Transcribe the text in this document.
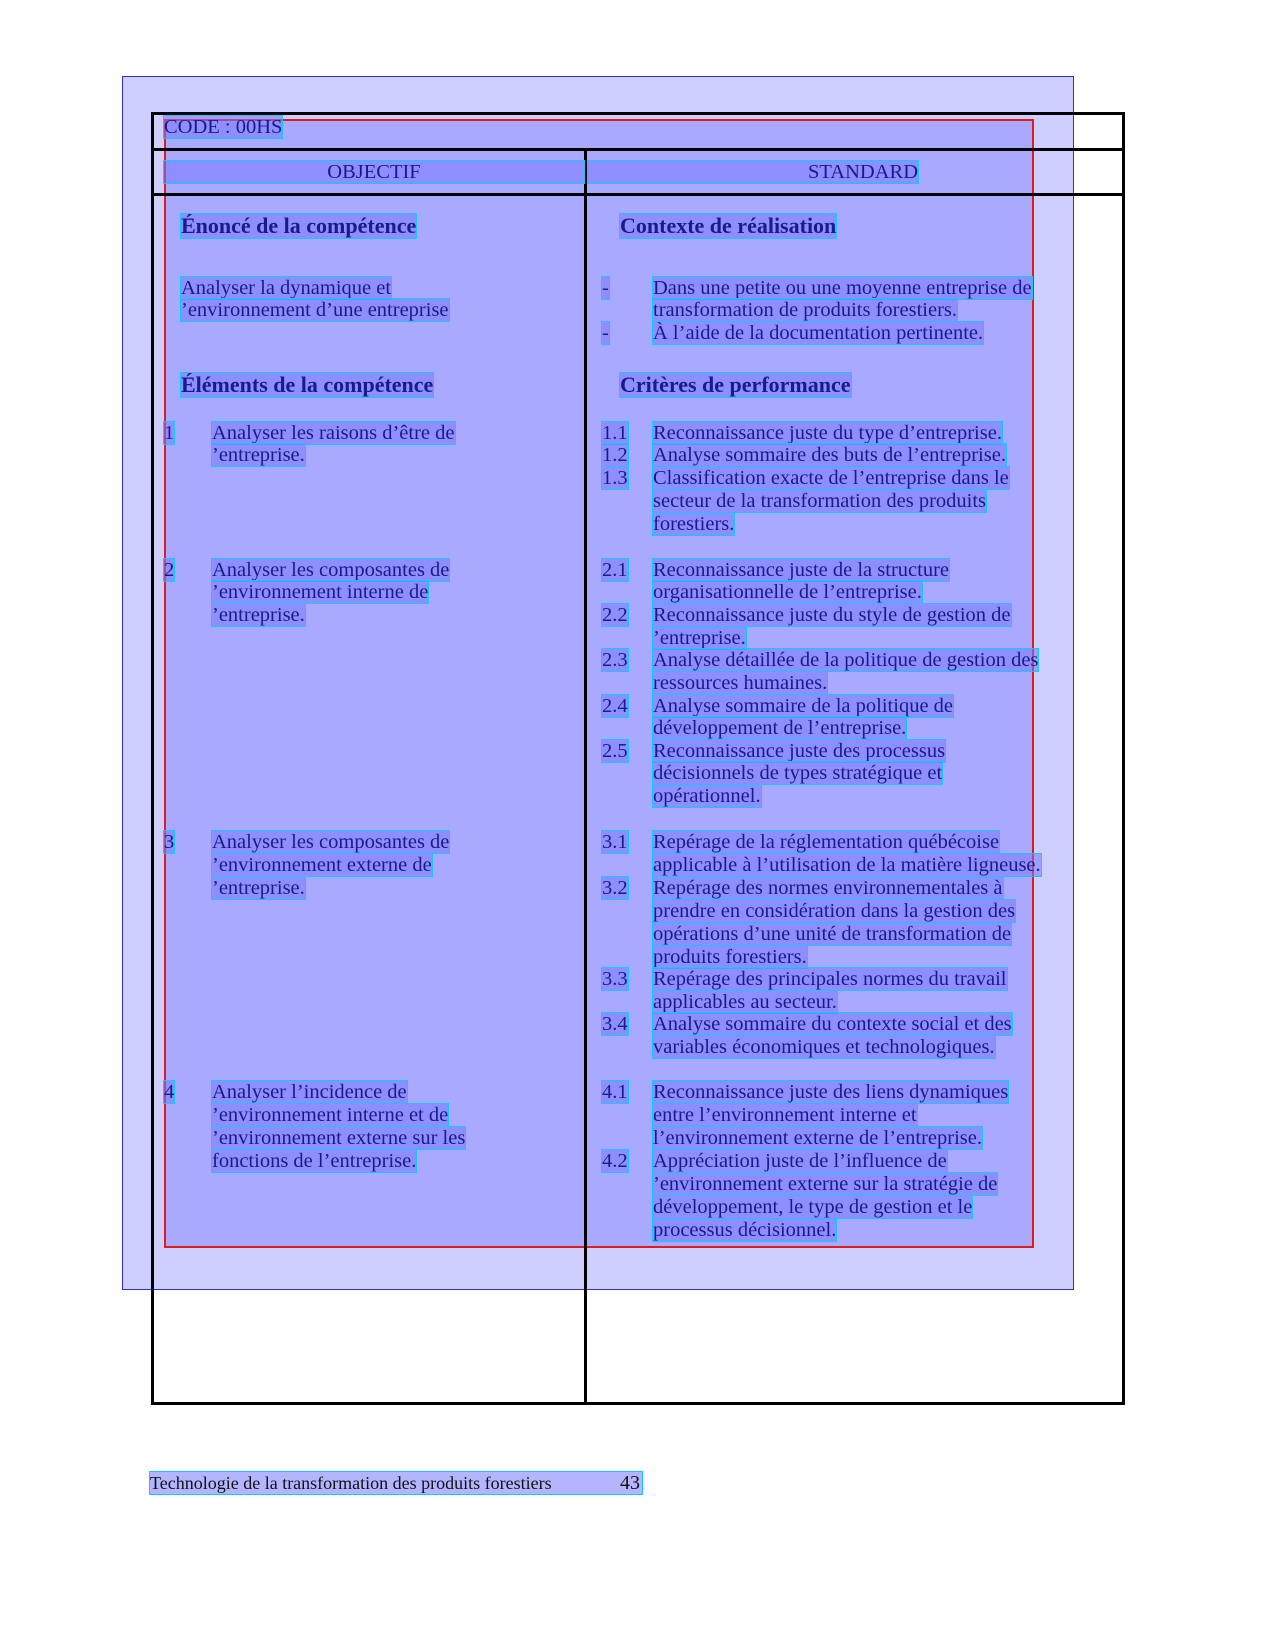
CODE : 00HS
OBJECTIF	STANDARD
Énoncé de la compétence
Analyser la dynamique et
’environnement d’une entreprise
Éléments de la compétence
1 Analyser les raisons d’être de
’entreprise.
2 Analyser les composantes de
’environnement interne de
’entreprise.
3 Analyser les composantes de
’environnement externe de
’entreprise.
4 Analyser l’incidence de
’environnement interne et de
’environnement externe sur les
fonctions de l’entreprise.
Contexte de réalisation
- Dans une petite ou une moyenne entreprise de
transformation de produits forestiers.
- À l’aide de la documentation pertinente.
Critères de performance
1.1 Reconnaissance juste du type d’entreprise.
1.2 Analyse sommaire des buts de l’entreprise.
1.3 Classification exacte de l’entreprise dans le
secteur de la transformation des produits
forestiers.
2.1 Reconnaissance juste de la structure
organisationnelle de l’entreprise.
2.2 Reconnaissance juste du style de gestion de
’entreprise.
2.3 Analyse détaillée de la politique de gestion des
ressources humaines.
2.4 Analyse sommaire de la politique de
développement de l’entreprise.
2.5 Reconnaissance juste des processus
décisionnels de types stratégique et
opérationnel.
3.1 Repérage de la réglementation québécoise
applicable à l’utilisation de la matière ligneuse.
3.2 Repérage des normes environnementales à
prendre en considération dans la gestion des
opérations d’une unité de transformation de
produits forestiers.
3.3 Repérage des principales normes du travail
applicables au secteur.
3.4 Analyse sommaire du contexte social et des
variables économiques et technologiques.
4.1 Reconnaissance juste des liens dynamiques
entre l’environnement interne et
l’environnement externe de l’entreprise.
4.2 Appréciation juste de l’influence de
’environnement externe sur la stratégie de
développement, le type de gestion et le
processus décisionnel.
Technologie de la transformation des produits forestiers	43
